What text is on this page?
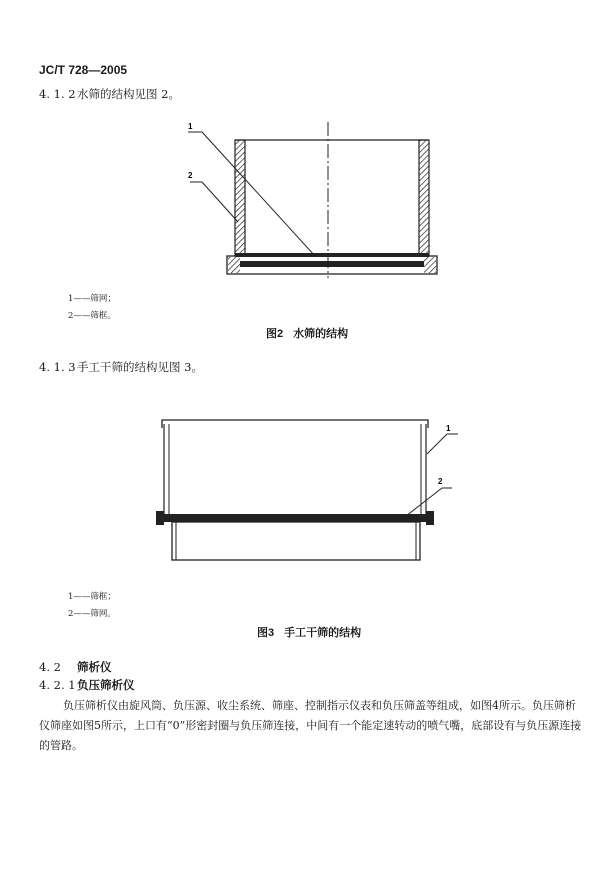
JC/T 728—2005
4. 1. 2水筛的结构见图 2。
1
2
1——筛网；
2——筛框。
图2 水筛的结构
4. 1. 3手工干筛的结构见图 3。
1
2
1——筛框；
2——筛网。
图3 手工干筛的结构
4. 2 筛析仪
4. 2. 1负压筛析仪
负压筛析仪由旋风筒、负压源、收尘系统、筛座、控制指示仪表和负压筛盖等组成，如图4所示。负压筛析仪筛座如图5所示，上口有“0”形密封圈与负压筛连接，中间有一个能定速转动的喷气嘴，底部设有与负压源连接的管路。
